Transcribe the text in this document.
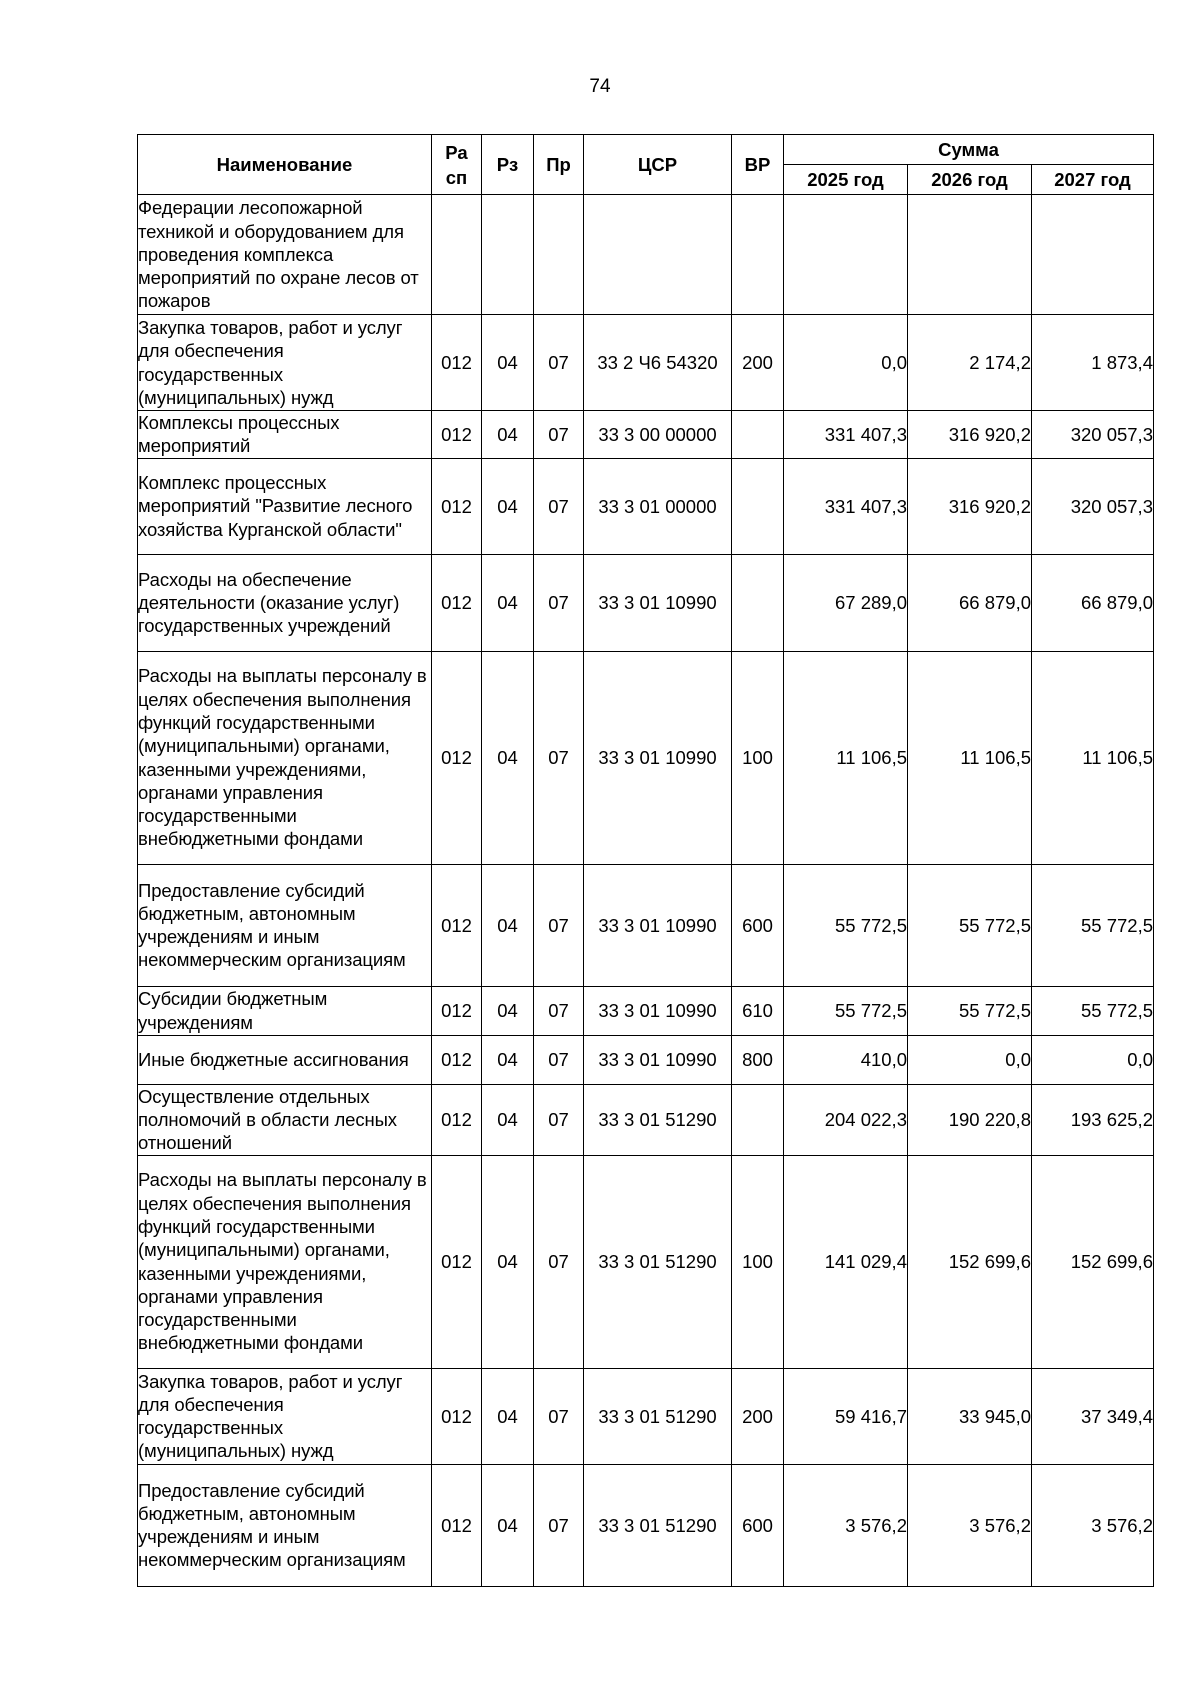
74
Наименование	Ра сп	Рз	Пр	ЦСР	ВР	Сумма		
						2025 год	2026 год	2027 год
Федерации лесопожарной техникой и оборудованием для проведения комплекса мероприятий по охране лесов от пожаров								
Закупка товаров, работ и услуг для обеспечения государственных (муниципальных) нужд	012	04	07	33 2 Ч6 54320	200	0,0	2 174,2	1 873,4
Комплексы процессных мероприятий	012	04	07	33 3 00 00000		331 407,3	316 920,2	320 057,3
Комплекс процессных мероприятий "Развитие лесного хозяйства Курганской области"	012	04	07	33 3 01 00000		331 407,3	316 920,2	320 057,3
Расходы на обеспечение деятельности (оказание услуг) государственных учреждений	012	04	07	33 3 01 10990		67 289,0	66 879,0	66 879,0
Расходы на выплаты персоналу в целях обеспечения выполнения функций государственными (муниципальными) органами, казенными учреждениями, органами управления государственными внебюджетными фондами	012	04	07	33 3 01 10990	100	11 106,5	11 106,5	11 106,5
Предоставление субсидий бюджетным, автономным учреждениям и иным некоммерческим организациям	012	04	07	33 3 01 10990	600	55 772,5	55 772,5	55 772,5
Субсидии бюджетным учреждениям	012	04	07	33 3 01 10990	610	55 772,5	55 772,5	55 772,5
Иные бюджетные ассигнования	012	04	07	33 3 01 10990	800	410,0	0,0	0,0
Осуществление отдельных полномочий в области лесных отношений	012	04	07	33 3 01 51290		204 022,3	190 220,8	193 625,2
Расходы на выплаты персоналу в целях обеспечения выполнения функций государственными (муниципальными) органами, казенными учреждениями, органами управления государственными внебюджетными фондами	012	04	07	33 3 01 51290	100	141 029,4	152 699,6	152 699,6
Закупка товаров, работ и услуг для обеспечения государственных (муниципальных) нужд	012	04	07	33 3 01 51290	200	59 416,7	33 945,0	37 349,4
Предоставление субсидий бюджетным, автономным учреждениям и иным некоммерческим организациям	012	04	07	33 3 01 51290	600	3 576,2	3 576,2	3 576,2
